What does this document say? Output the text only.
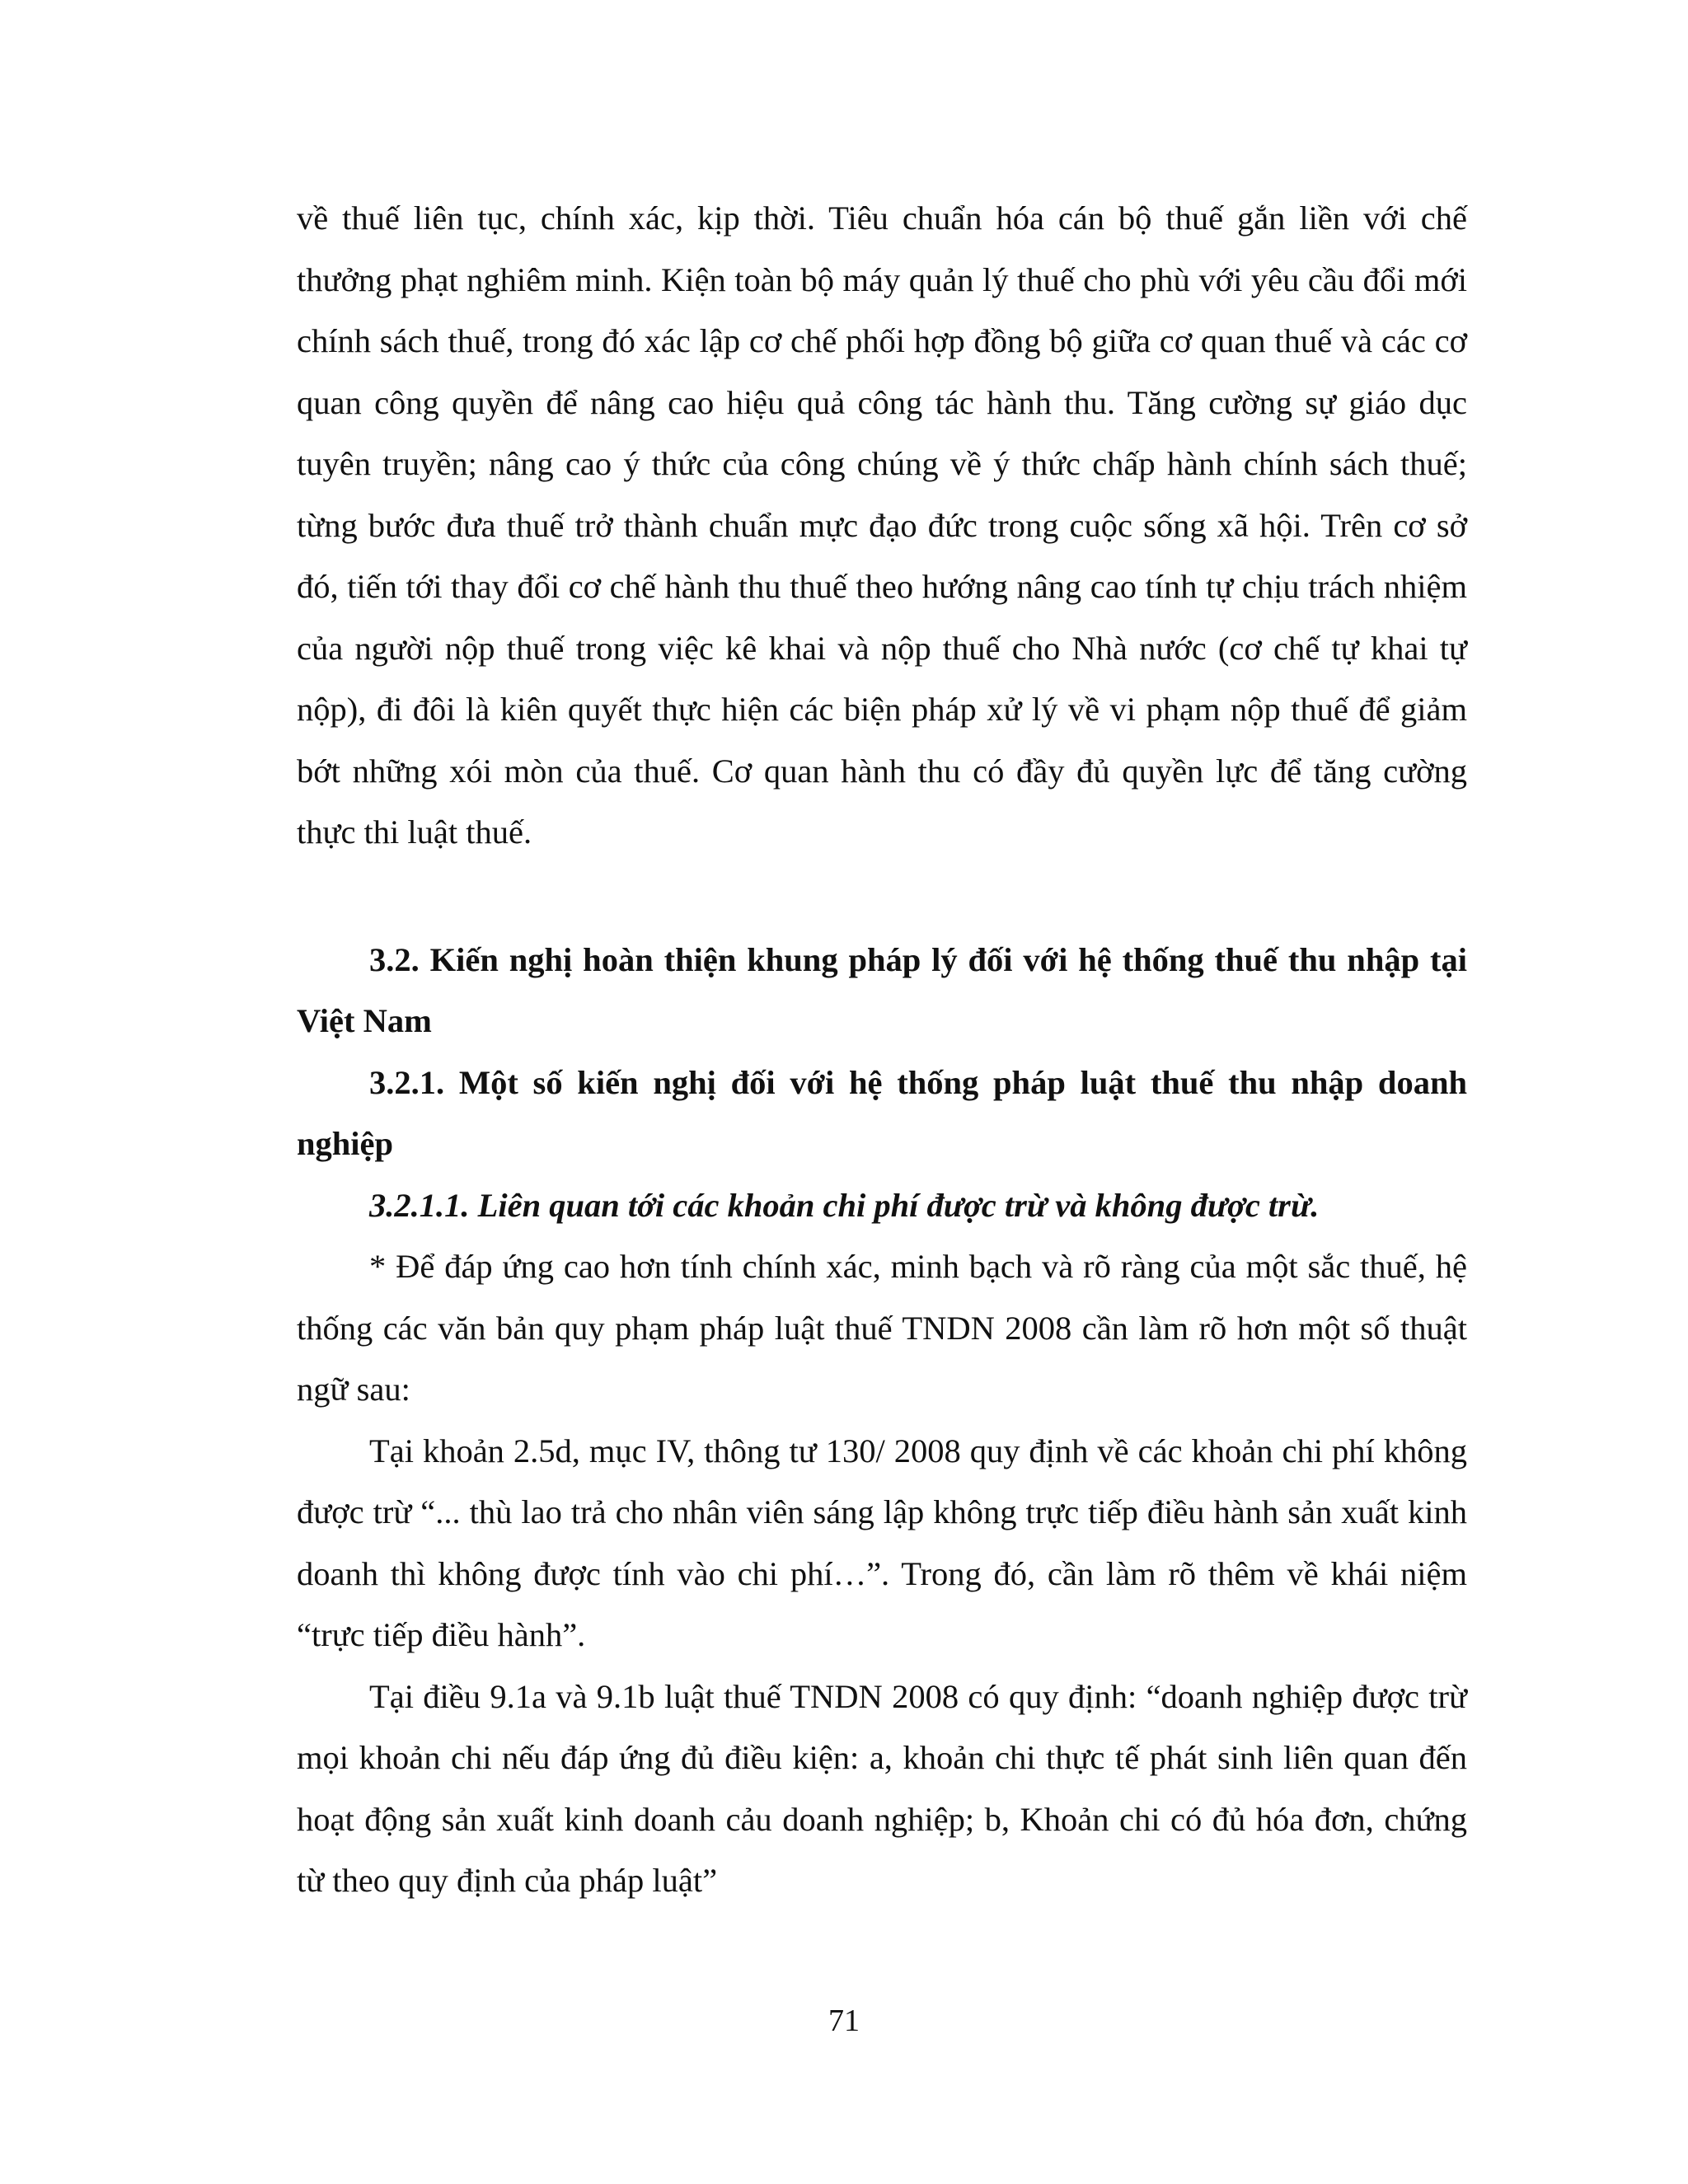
về thuế liên tục, chính xác, kịp thời. Tiêu chuẩn hóa cán bộ thuế gắn liền với chế thưởng phạt nghiêm minh. Kiện toàn bộ máy quản lý thuế cho phù với yêu cầu đổi mới chính sách thuế, trong đó xác lập cơ chế phối hợp đồng bộ giữa cơ quan thuế và các cơ quan công quyền để nâng cao hiệu quả công tác hành thu. Tăng cường sự giáo dục tuyên truyền; nâng cao ý thức của công chúng về ý thức chấp hành chính sách thuế; từng bước đưa thuế trở thành chuẩn mực đạo đức trong cuộc sống xã hội. Trên cơ sở đó, tiến tới thay đổi cơ chế hành thu thuế theo hướng nâng cao tính tự chịu trách nhiệm của người nộp thuế trong việc kê khai và nộp thuế cho Nhà nước (cơ chế tự khai tự nộp), đi đôi là kiên quyết thực hiện các biện pháp xử lý về vi phạm nộp thuế để giảm bớt những xói mòn của thuế. Cơ quan hành thu có đầy đủ quyền lực để tăng cường thực thi luật thuế.

3.2. Kiến nghị hoàn thiện khung pháp lý đối với hệ thống thuế thu nhập tại Việt Nam

3.2.1. Một số kiến nghị đối với hệ thống pháp luật thuế thu nhập doanh nghiệp

3.2.1.1. Liên quan tới các khoản chi phí được trừ và không được trừ.

* Để đáp ứng cao hơn tính chính xác, minh bạch và rõ ràng của một sắc thuế, hệ thống các văn bản quy phạm pháp luật thuế TNDN 2008 cần làm rõ hơn một số thuật ngữ sau:

Tại khoản 2.5d, mục IV, thông tư 130/ 2008 quy định về các khoản chi phí không được trừ “... thù lao trả cho nhân viên sáng lập không trực tiếp điều hành sản xuất kinh doanh thì không được tính vào chi phí…”. Trong đó, cần làm rõ thêm về khái niệm “trực tiếp điều hành”.

Tại điều 9.1a và 9.1b luật thuế TNDN 2008 có quy định: “doanh nghiệp được trừ mọi khoản chi nếu đáp ứng đủ điều kiện: a, khoản chi thực tế phát sinh liên quan đến hoạt động sản xuất kinh doanh cảu doanh nghiệp; b, Khoản chi có đủ hóa đơn, chứng từ theo quy định của pháp luật”

71
